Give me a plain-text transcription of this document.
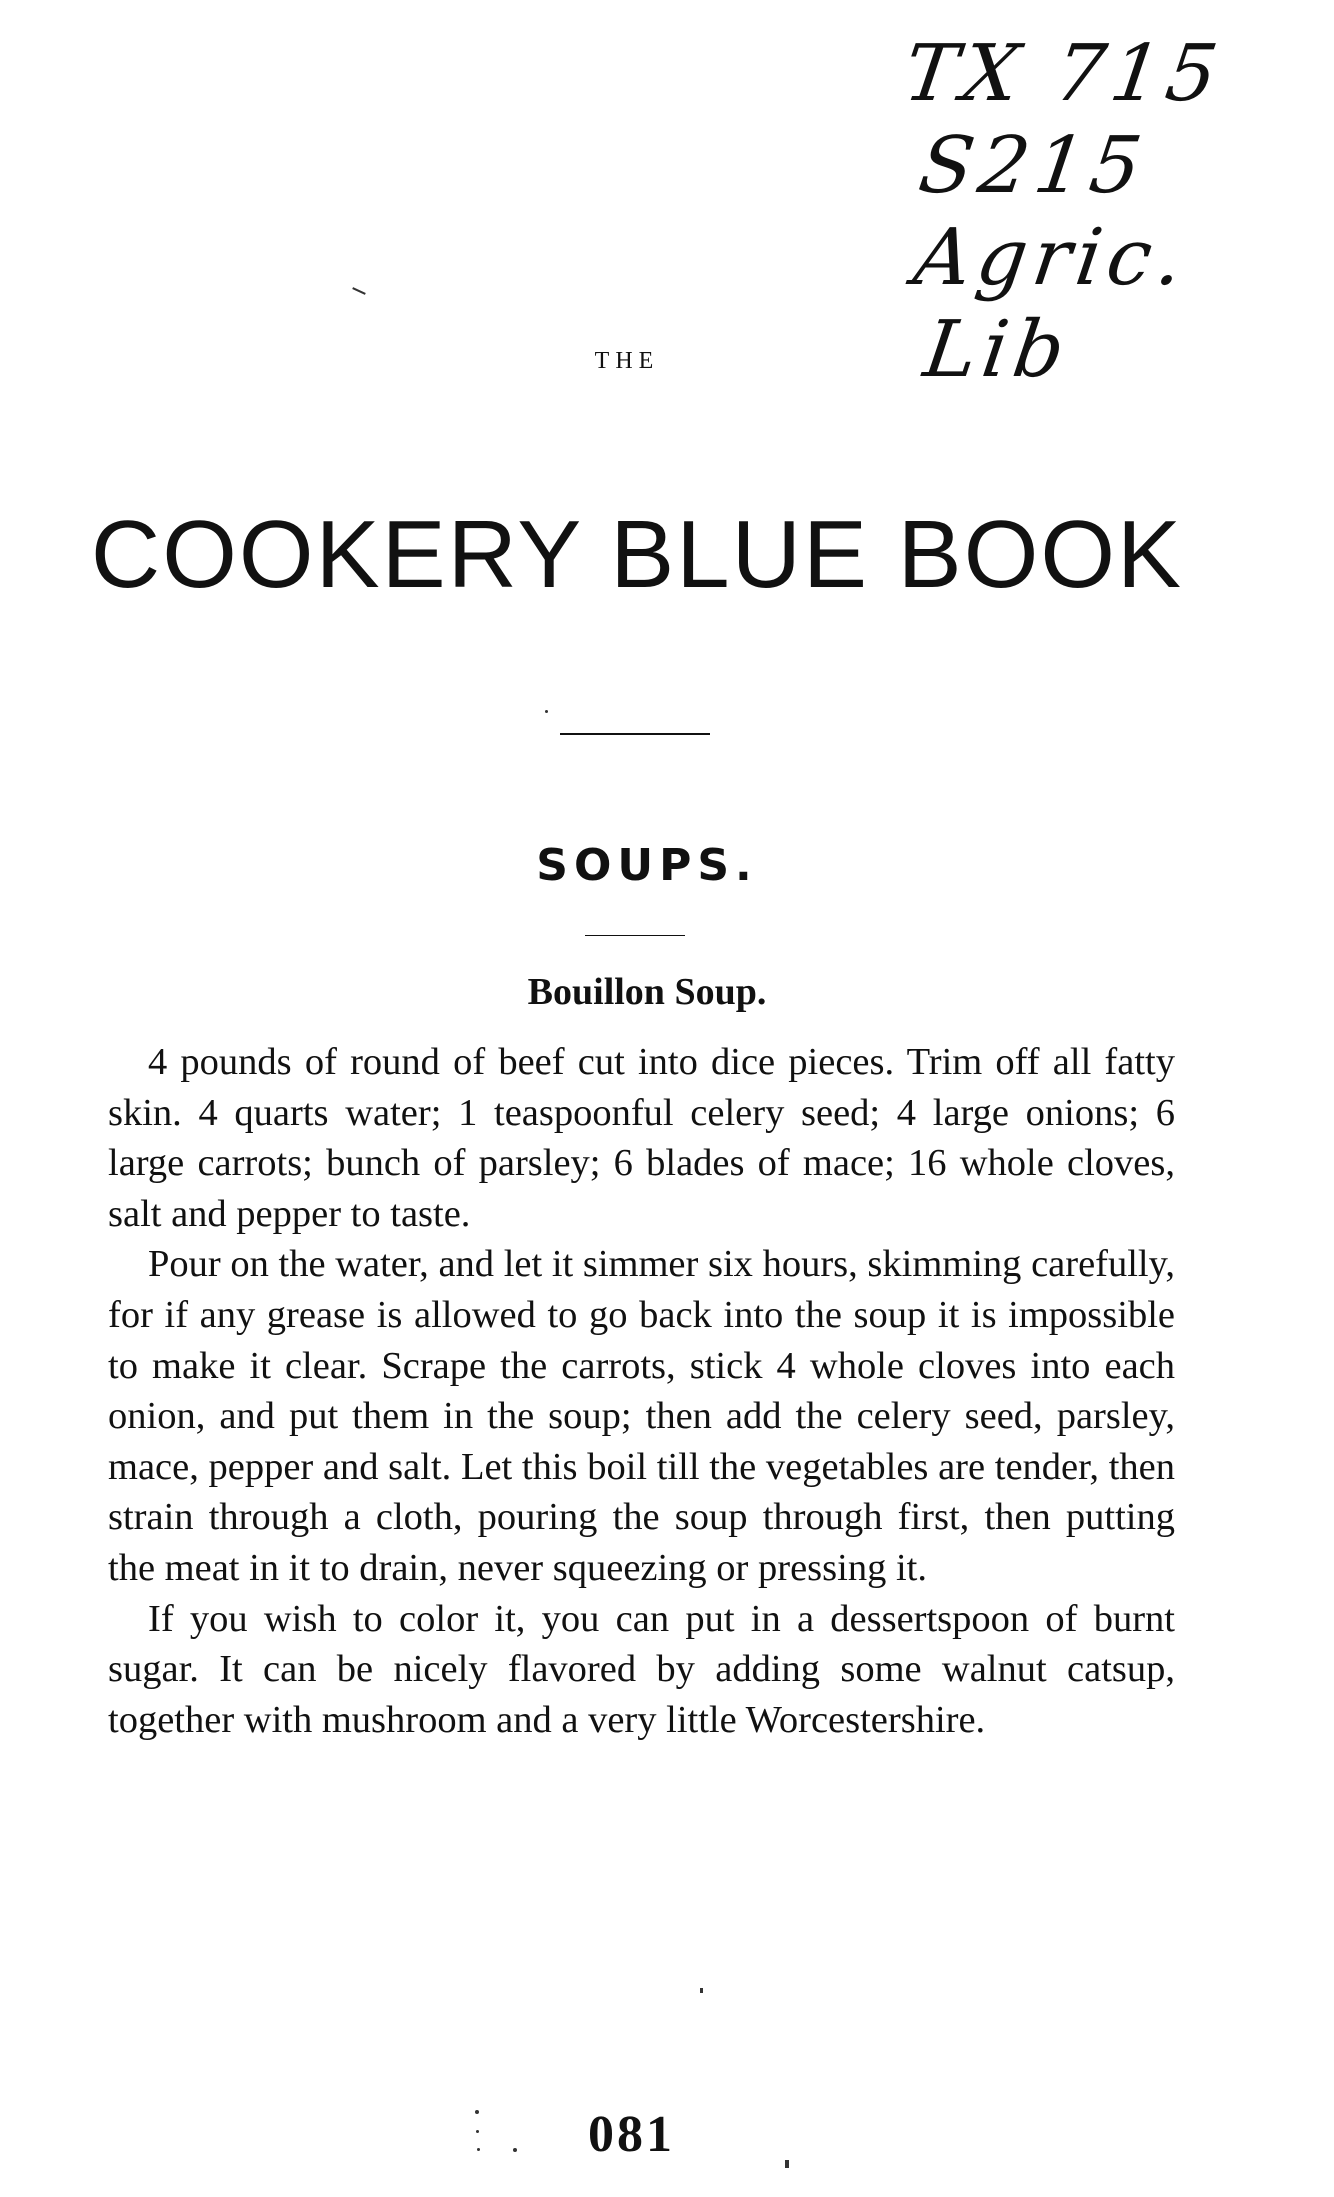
TX 715
S215
Agric.
Lib
THE
COOKERY BLUE BOOK
SOUPS.
Bouillon Soup.

4 pounds of round of beef cut into dice pieces. Trim off all fatty skin. 4 quarts water; 1 teaspoonful celery seed; 4 large onions; 6 large carrots; bunch of parsley; 6 blades of mace; 16 whole cloves, salt and pepper to taste.

Pour on the water, and let it simmer six hours, skimming carefully, for if any grease is allowed to go back into the soup it is impossible to make it clear. Scrape the carrots, stick 4 whole cloves into each onion, and put them in the soup; then add the celery seed, parsley, mace, pepper and salt. Let this boil till the vegetables are tender, then strain through a cloth, pouring the soup through first, then putting the meat in it to drain, never squeezing or pressing it.

If you wish to color it, you can put in a dessertspoon of burnt sugar. It can be nicely flavored by adding some walnut catsup, together with mushroom and a very little Worcestershire.

081
